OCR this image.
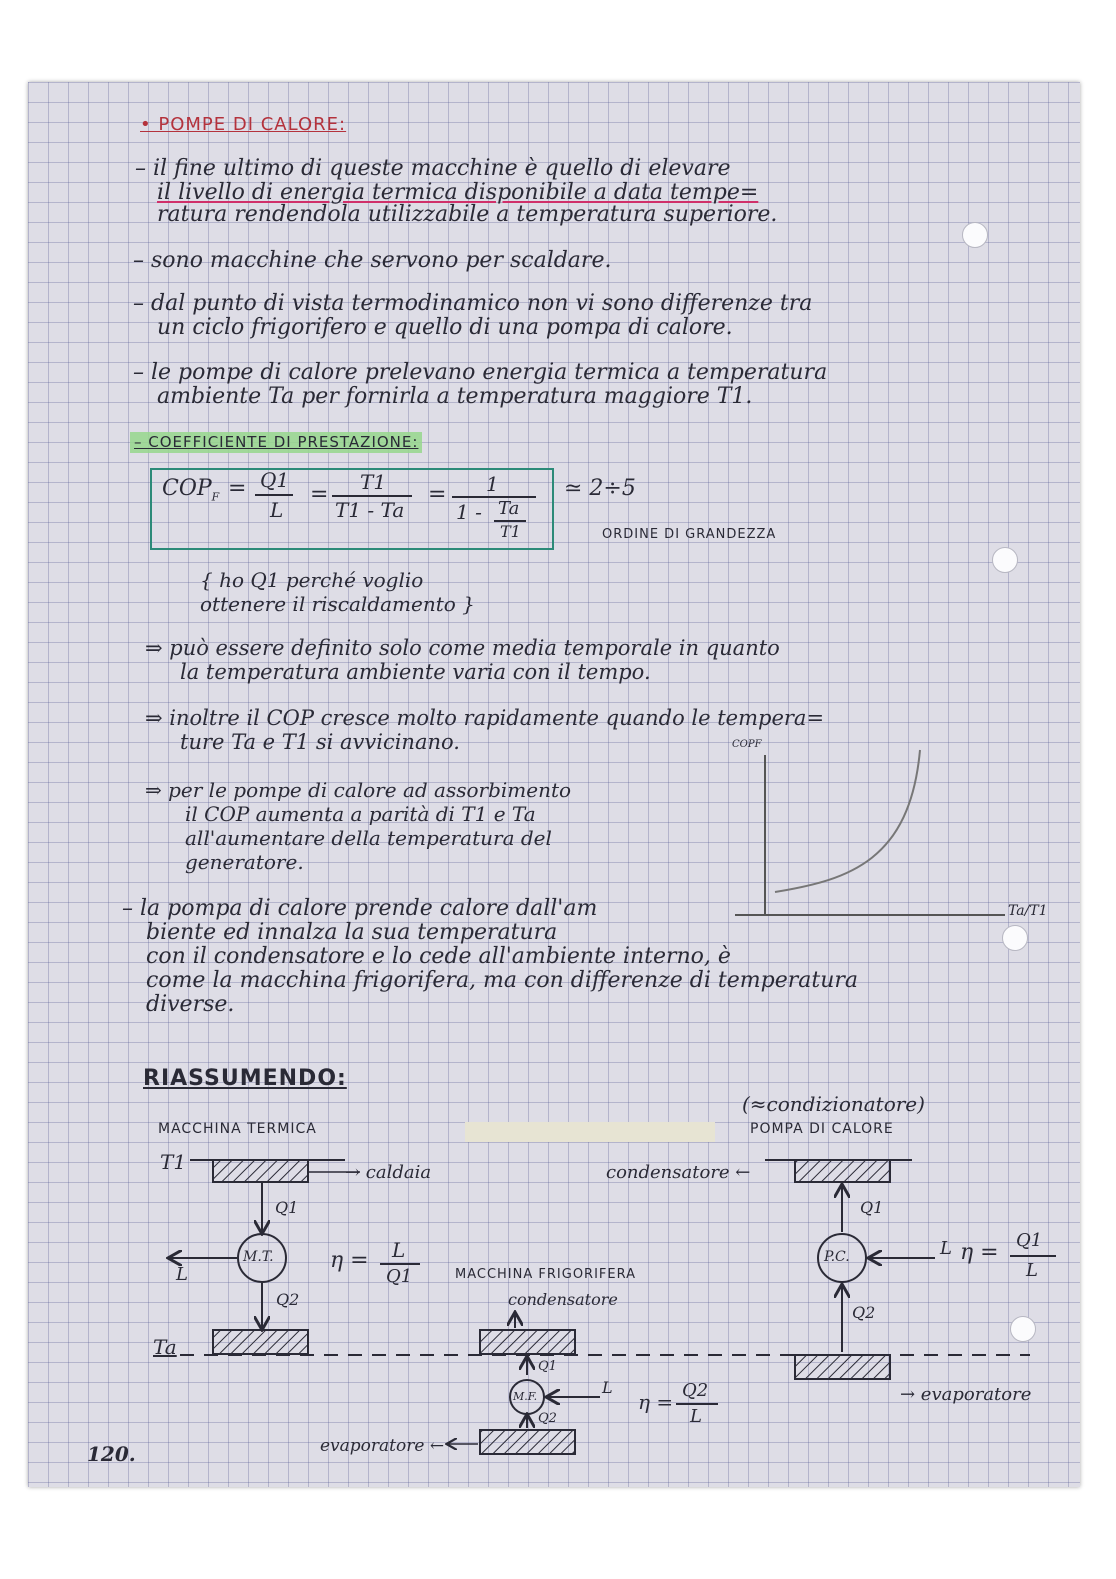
• POMPE DI CALORE:
– il fine ultimo di queste macchine è quello di elevare
il livello di energia termica disponibile a data tempe=
ratura rendendola utilizzabile a temperatura superiore.
– sono macchine che servono per scaldare.
– dal punto di vista termodinamico non vi sono differenze tra
un ciclo frigorifero e quello di una pompa di calore.
– le pompe di calore prelevano energia termica a temperatura
ambiente Ta per fornirla a temperatura maggiore T1.
– COEFFICIENTE DI PRESTAZIONE:
$COP_F = Q1$
L
= T1
T1 - Ta
= 1
1 - Ta
T1
≃ 2÷5
ORDINE DI GRANDEZZA
{ ho Q1 perché voglio
ottenere il riscaldamento }
⇒ può essere definito solo come media temporale in quanto
la temperatura ambiente varia con il tempo.
⇒ inoltre il COP cresce molto rapidamente quando le tempera=
ture Ta e T1 si avvicinano.
⇒ per le pompe di calore ad assorbimento
il COP aumenta a parità di T1 e Ta
all'aumentare della temperatura del
generatore.
COPF
Ta/T1
– la pompa di calore prende calore dall'am
biente ed innalza la sua temperatura
con il condensatore e lo cede all'ambiente interno, è
come la macchina frigorifera, ma con differenze di temperatura
diverse.
RIASSUMENDO:
MACCHINA TERMICA
(≈condizionatore)
POMPA DI CALORE
T1
Ta
→ caldaia	condensatore ←
M.T.	P.C.
M.F.
Q1
Q2
L
Q1
Q2
L
MACCHINA FRIGORIFERA
condensatore
Q1
Q2
L	→ evaporatore
evaporatore ←
η = L
Q1
η = Q1
L
η = Q2
L
120.
